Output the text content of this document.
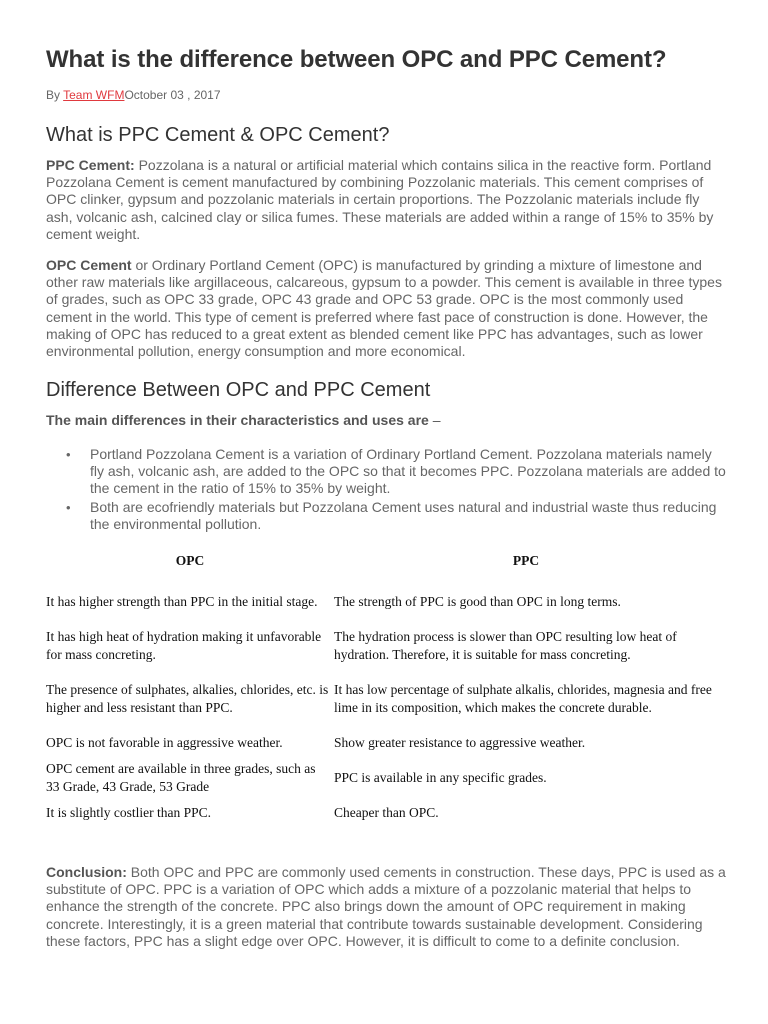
What is the difference between OPC and PPC Cement?
By Team WFMOctober 03 , 2017
What is PPC Cement & OPC Cement?

PPC Cement: Pozzolana is a natural or artificial material which contains silica in the reactive form. Portland Pozzolana Cement is cement manufactured by combining Pozzolanic materials. This cement comprises of OPC clinker, gypsum and pozzolanic materials in certain proportions. The Pozzolanic materials include fly ash, volcanic ash, calcined clay or silica fumes. These materials are added within a range of 15% to 35% by cement weight.

OPC Cement or Ordinary Portland Cement (OPC) is manufactured by grinding a mixture of limestone and other raw materials like argillaceous, calcareous, gypsum to a powder. This cement is available in three types of grades, such as OPC 33 grade, OPC 43 grade and OPC 53 grade. OPC is the most commonly used cement in the world. This type of cement is preferred where fast pace of construction is done. However, the making of OPC has reduced to a great extent as blended cement like PPC has advantages, such as lower environmental pollution, energy consumption and more economical.

Difference Between OPC and PPC Cement
The main differences in their characteristics and uses are –
• Portland Pozzolana Cement is a variation of Ordinary Portland Cement. Pozzolana materials namely fly ash, volcanic ash, are added to the OPC so that it becomes PPC. Pozzolana materials are added to the cement in the ratio of 15% to 35% by weight.
• Both are ecofriendly materials but Pozzolana Cement uses natural and industrial waste thus reducing the environmental pollution.
OPC	PPC
It has higher strength than PPC in the initial stage.	The strength of PPC is good than OPC in long terms.
It has high heat of hydration making it unfavorable for mass concreting.	The hydration process is slower than OPC resulting low heat of hydration. Therefore, it is suitable for mass concreting.
The presence of sulphates, alkalies, chlorides, etc. is higher and less resistant than PPC.	It has low percentage of sulphate alkalis, chlorides, magnesia and free lime in its composition, which makes the concrete durable.
OPC is not favorable in aggressive weather.	Show greater resistance to aggressive weather.
OPC cement are available in three grades, such as 33 Grade, 43 Grade, 53 Grade	PPC is available in any specific grades.
It is slightly costlier than PPC.	Cheaper than OPC.

Conclusion: Both OPC and PPC are commonly used cements in construction. These days, PPC is used as a substitute of OPC. PPC is a variation of OPC which adds a mixture of a pozzolanic material that helps to enhance the strength of the concrete. PPC also brings down the amount of OPC requirement in making concrete. Interestingly, it is a green material that contribute towards sustainable development. Considering these factors, PPC has a slight edge over OPC. However, it is difficult to come to a definite conclusion.
